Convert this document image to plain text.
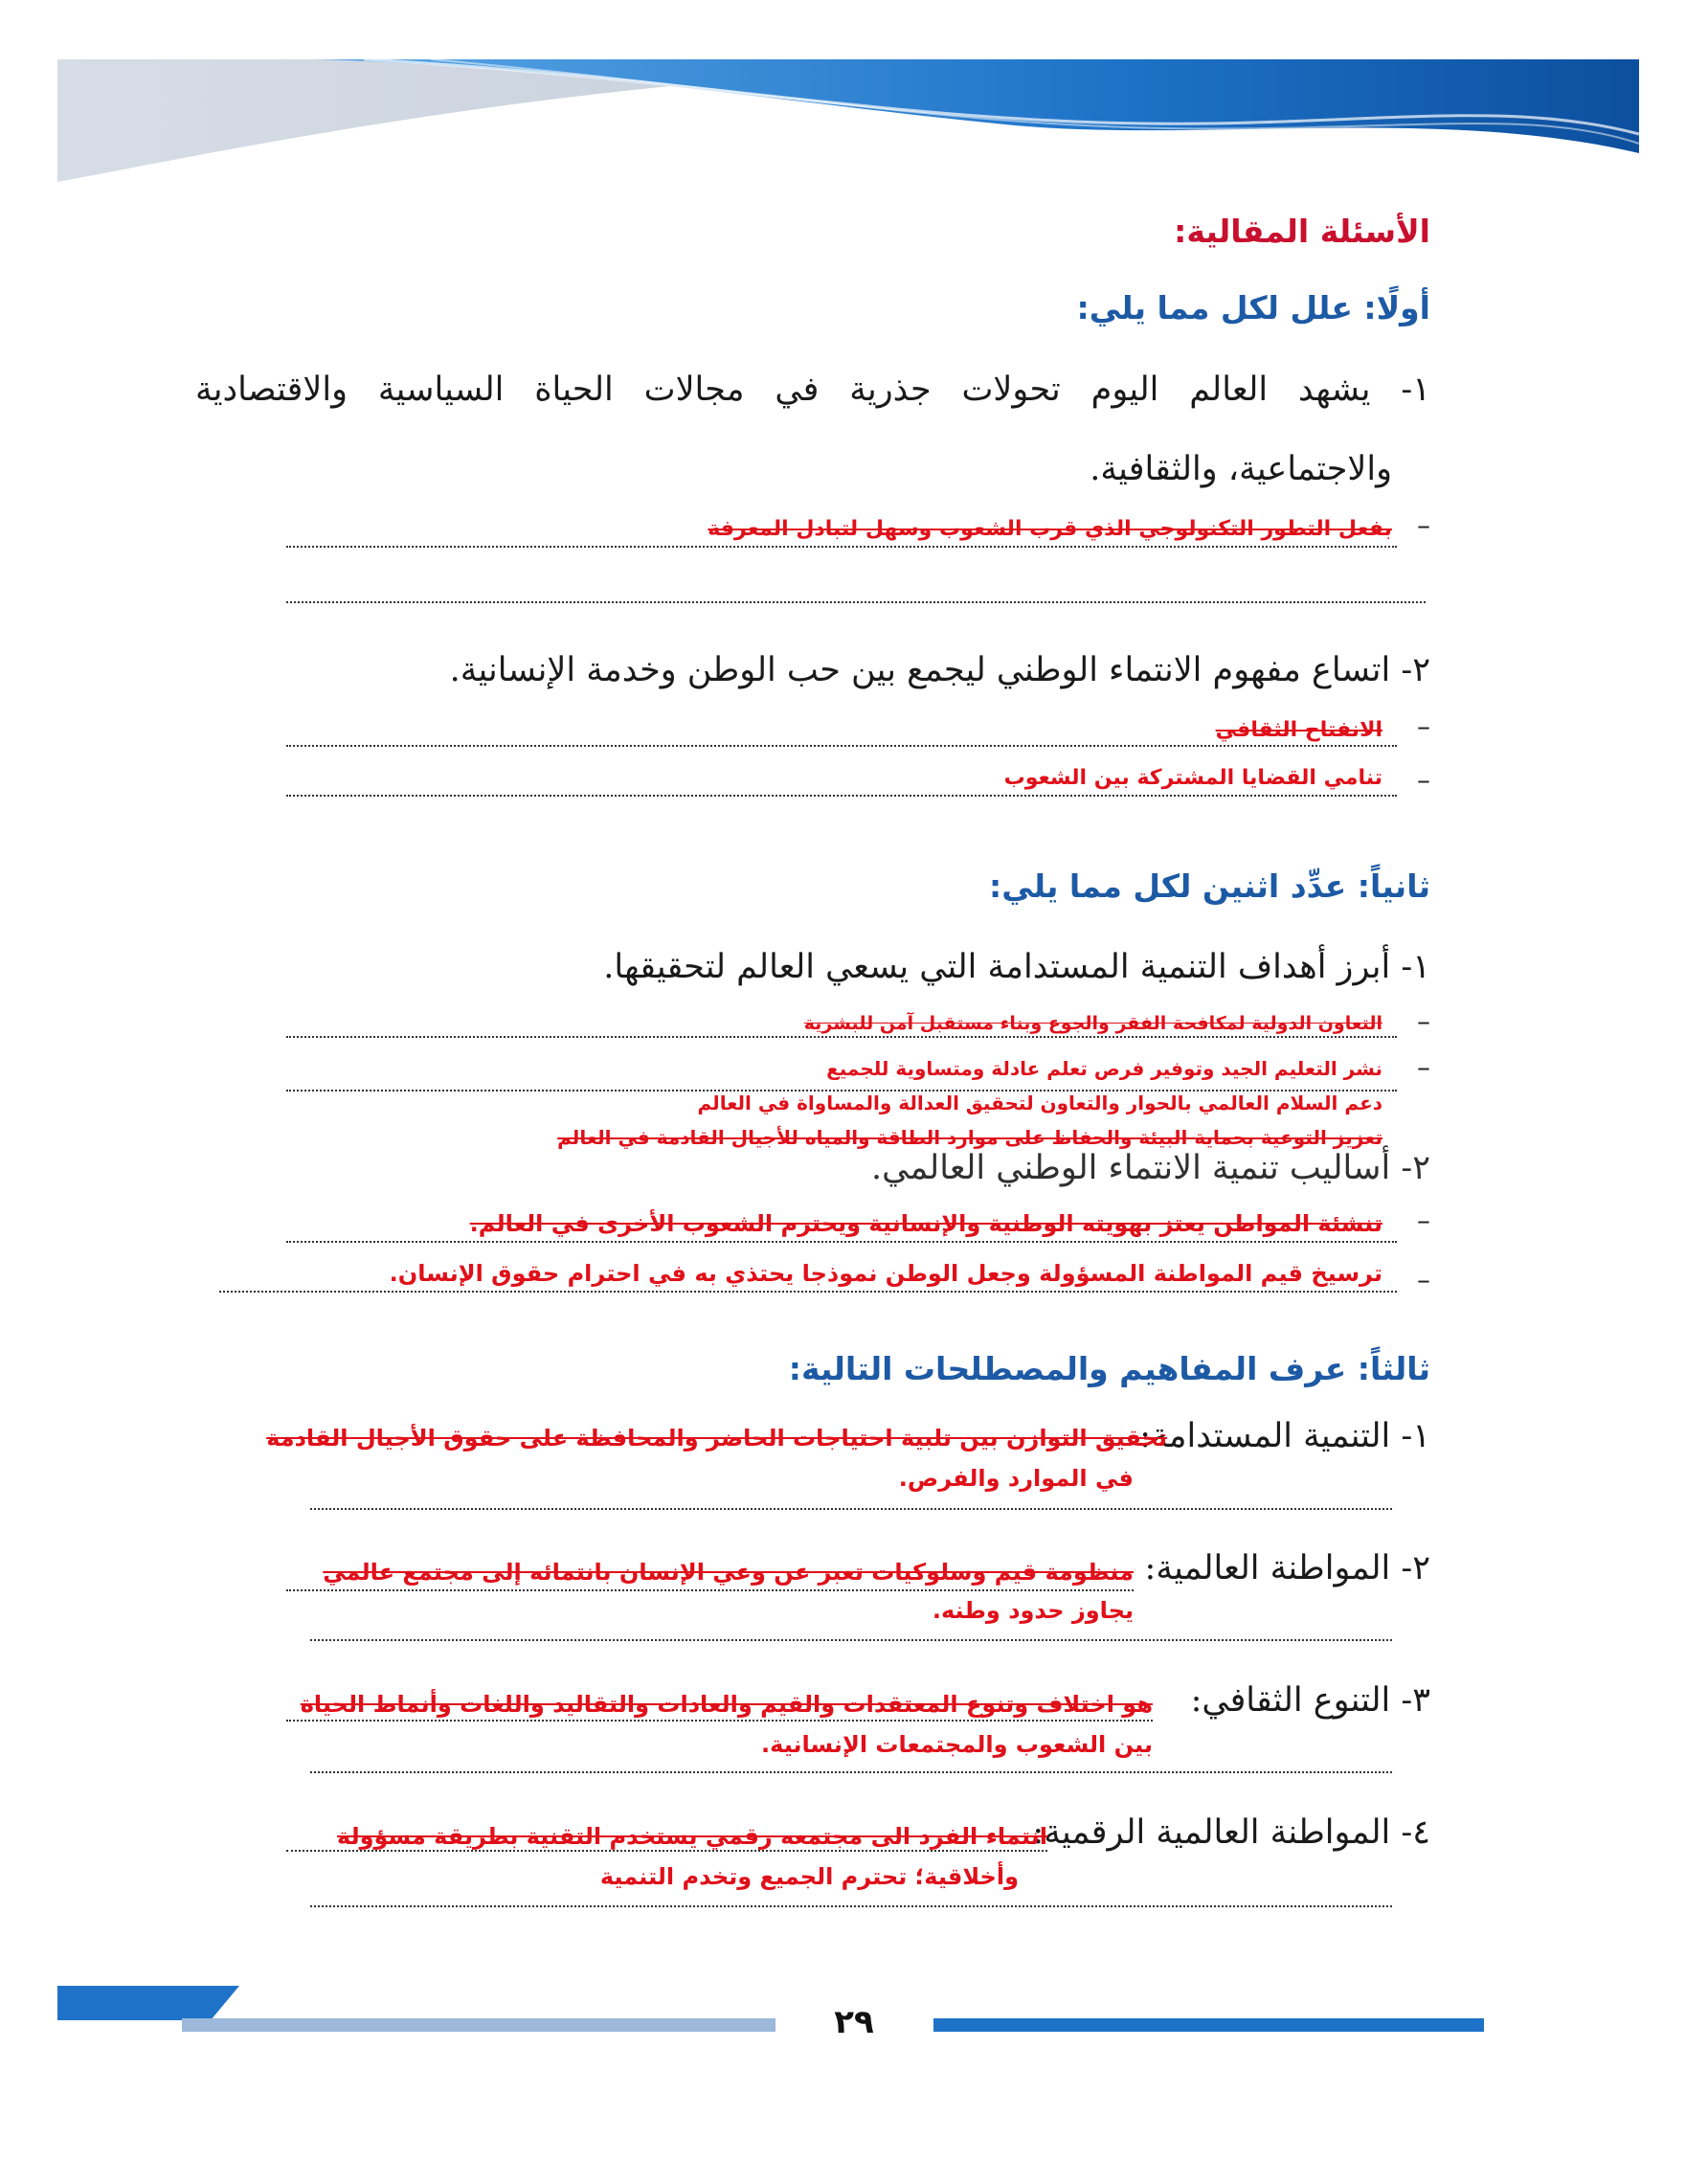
الأسئلة المقالية:
أولًا: علل لكل مما يلي:
١- يشهد العالم اليوم تحولات جذرية في مجالات الحياة السياسية والاقتصادية
والاجتماعية، والثقافية.
–
بفعل التطور التكنولوجي الذي قرب الشعوب وسهل لتبادل المعرفة
٢- اتساع مفهوم الانتماء الوطني ليجمع بين حب الوطن وخدمة الإنسانية.
–
الانفتاح الثقافي
–
تنامي القضايا المشتركة بين الشعوب
ثانياً: عدِّد اثنين لكل مما يلي:
١- أبرز أهداف التنمية المستدامة التي يسعي العالم لتحقيقها.
–
التعاون الدولية لمكافحة الفقر والجوع وبناء مستقبل آمن للبشرية
–
نشر التعليم الجيد وتوفير فرص تعلم عادلة ومتساوية للجميع
دعم السلام العالمي بالحوار والتعاون لتحقيق العدالة والمساواة في العالم
تعزيز التوعية بحماية البيئة والحفاظ على موارد الطاقة والمياه للأجيال القادمة في العالم
٢- أساليب تنمية الانتماء الوطني العالمي.
–
تنشئة المواطن يعتز بهويته الوطنية والإنسانية ويحترم الشعوب الأخرى في العالم.
–
ترسيخ قيم المواطنة المسؤولة وجعل الوطن نموذجا يحتذي به في احترام حقوق الإنسان.
ثالثاً: عرف المفاهيم والمصطلحات التالية:
١- التنمية المستدامة:
تحقيق التوازن بين تلبية احتياجات الحاضر والمحافظة على حقوق الأجيال القادمة
في الموارد والفرص.
٢- المواطنة العالمية:
منظومة قيم وسلوكيات تعبر عن وعي الإنسان بانتمائه إلى مجتمع عالمي
يجاوز حدود وطنه.
٣- التنوع الثقافي:
هو اختلاف وتنوع المعتقدات والقيم والعادات والتقاليد واللغات وأنماط الحياة
بين الشعوب والمجتمعات الإنسانية.
٤- المواطنة العالمية الرقمية:
انتماء الفرد الى مجتمعه رقمي يستخدم التقنية بطريقة مسؤولة
وأخلاقية؛ تحترم الجميع وتخدم التنمية
٢٩
